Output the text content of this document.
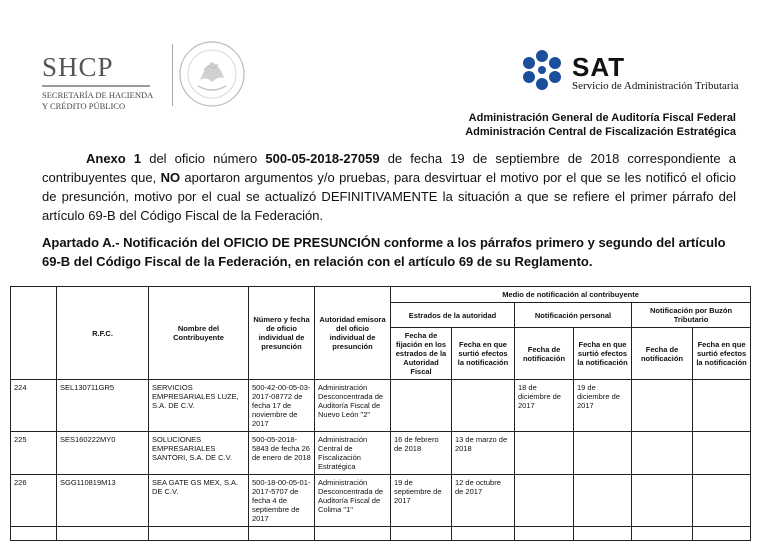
SHCP
SECRETARÍA DE HACIENDA
Y CRÉDITO PÚBLICO
SAT
Servicio de Administración Tributaria
Administración General de Auditoría Fiscal Federal
Administración Central de Fiscalización Estratégica
Anexo 1 del oficio número 500-05-2018-27059 de fecha 19 de septiembre de 2018 correspondiente a contribuyentes que, NO aportaron argumentos y/o pruebas, para desvirtuar el motivo por el que se les notificó el oficio de presunción, motivo por el cual se actualizó DEFINITIVAMENTE la situación a que se refiere el primer párrafo del artículo 69-B del Código Fiscal de la Federación.
Apartado A.- Notificación del OFICIO DE PRESUNCIÓN conforme a los párrafos primero y segundo del artículo 69-B del Código Fiscal de la Federación, en relación con el artículo 69 de su Reglamento.
	R.F.C.	Nombre del Contribuyente	Número y fecha de oficio individual de presunción	Autoridad emisora del oficio individual de presunción	Medio de notificación al contribuyente					
					Estrados de la autoridad		Notificación personal		Notificación por Buzón Tributario	
					Fecha de fijación en los estrados de la Autoridad Fiscal	Fecha en que surtió efectos la notificación	Fecha de notificación	Fecha en que surtió efectos la notificación	Fecha de notificación	Fecha en que surtió efectos la notificación
224	SEL130711GR5	SERVICIOS EMPRESARIALES LUZE, S.A. DE C.V.	500-42-00-05-03-2017-08772 de fecha 17 de noviembre de 2017	Administración Desconcentrada de Auditoría Fiscal de Nuevo León "2"			18 de diciembre de 2017	19 de diciembre de 2017		
225	SES160222MY0	SOLUCIONES EMPRESARIALES SANTORI, S.A. DE C.V.	500-05-2018-5843 de fecha 26 de enero de 2018	Administración Central de Fiscalización Estratégica	16 de febrero de 2018	13 de marzo de 2018				
226	SGG110819M13	SEA GATE GS MEX, S.A. DE C.V.	500-18-00-05-01-2017-5707 de fecha 4 de septiembre de 2017	Administración Desconcentrada de Auditoría Fiscal de Colima "1"	19 de septiembre de 2017	12 de octubre de 2017				
